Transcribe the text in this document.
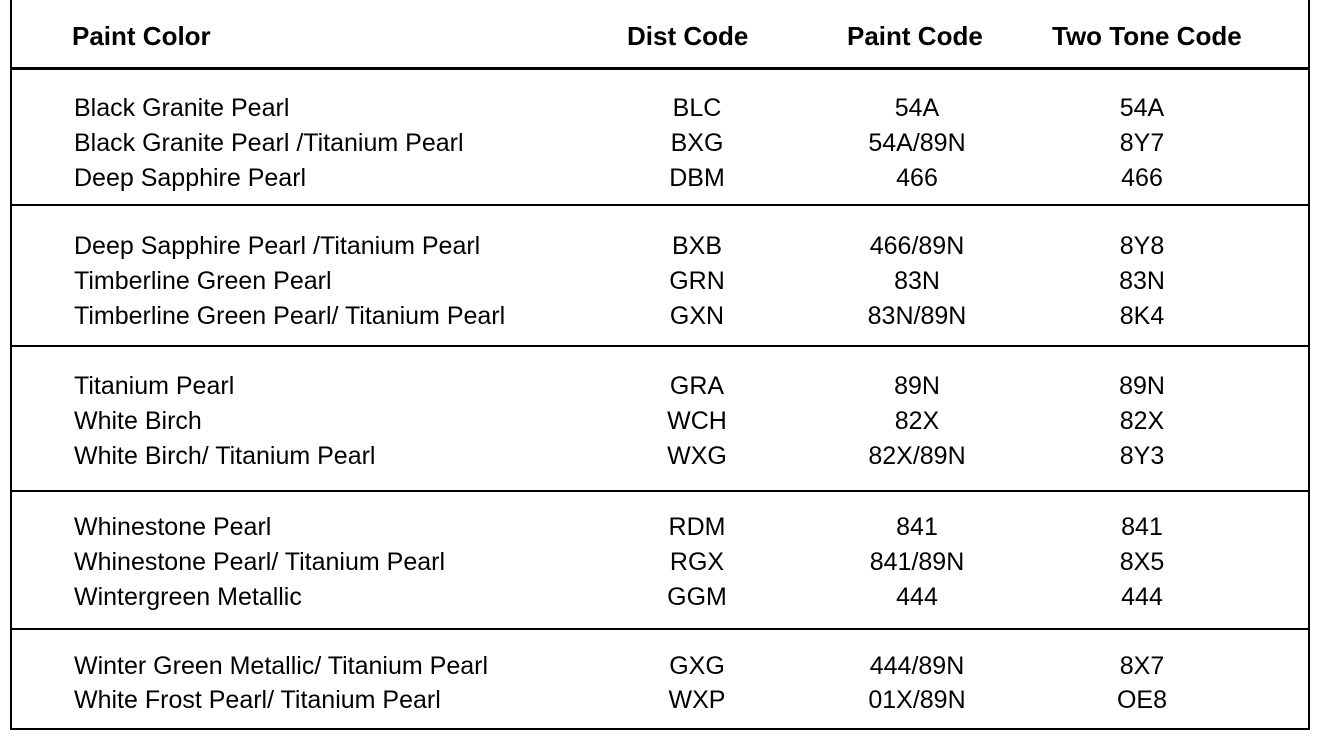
Paint Color	Dist Code	Paint Code	Two Tone Code
Black Granite Pearl	BLC	54A	54A
Black Granite Pearl /Titanium Pearl	BXG	54A/89N	8Y7
Deep Sapphire Pearl	DBM	466	466
Deep Sapphire Pearl /Titanium Pearl	BXB	466/89N	8Y8
Timberline Green Pearl	GRN	83N	83N
Timberline Green Pearl/ Titanium Pearl	GXN	83N/89N	8K4
Titanium Pearl	GRA	89N	89N
White Birch	WCH	82X	82X
White Birch/ Titanium Pearl	WXG	82X/89N	8Y3
Whinestone Pearl	RDM	841	841
Whinestone Pearl/ Titanium Pearl	RGX	841/89N	8X5
Wintergreen Metallic	GGM	444	444
Winter Green Metallic/ Titanium Pearl	GXG	444/89N	8X7
White Frost Pearl/ Titanium Pearl	WXP	01X/89N	OE8
